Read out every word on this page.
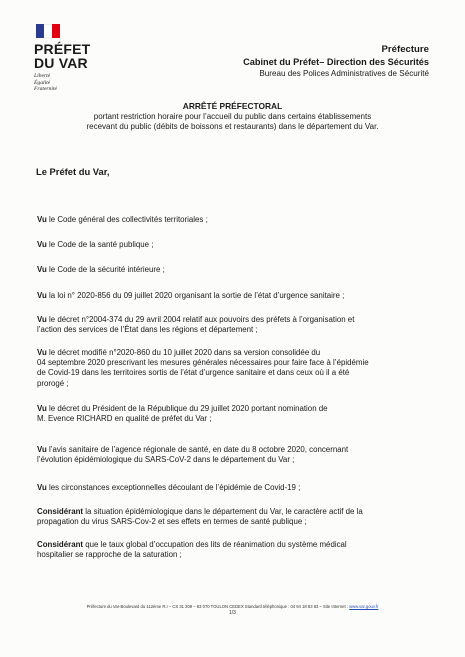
PRÉFET
DU VAR
Liberté
Égalité
Fraternité
Préfecture
Cabinet du Préfet– Direction des Sécurités
Bureau des Polices Administratives de Sécurité
ARRÊTÉ PRÉFECTORAL
portant restriction horaire pour l’accueil du public dans certains établissements
recevant du public (débits de boissons et restaurants) dans le département du Var.
Le Préfet du Var,
Vu le Code général des collectivités territoriales ;
Vu le Code de la santé publique ;
Vu le Code de la sécurité intérieure ;
Vu la loi n° 2020-856 du 09 juillet 2020 organisant la sortie de l’état d’urgence sanitaire ;
Vu le décret n°2004-374 du 29 avril 2004 relatif aux pouvoirs des préfets à l’organisation et
l’action des services de l’État dans les régions et département ;
Vu le décret modifié n°2020-860 du 10 juillet 2020 dans sa version consolidée du
04 septembre 2020 prescrivant les mesures générales nécessaires pour faire face à l’épidémie
de Covid-19 dans les territoires sortis de l’état d’urgence sanitaire et dans ceux où il a été
prorogé ;
Vu le décret du Président de la République du 29 juillet 2020 portant nomination de
M. Evence RICHARD en qualité de préfet du Var ;
Vu l’avis sanitaire de l’agence régionale de santé, en date du 8 octobre 2020, concernant
l’évolution épidémiologique du SARS-CoV-2 dans le département du Var ;
Vu les circonstances exceptionnelles découlant de l’épidémie de Covid-19 ;
Considérant la situation épidémiologique dans le département du Var, le caractère actif de la
propagation du virus SARS-Cov-2 et ses effets en termes de santé publique ;
Considérant que le taux global d’occupation des lits de réanimation du système médical
hospitalier se rapproche de la saturation ;
Préfecture du Var-Boulevard du 112ème R.I – CS 31 209 – 83 070 TOULON CEDEX Standard téléphonique : 04 94 18 83 83 – Site Internet : www.var.gouv.fr
1/3
